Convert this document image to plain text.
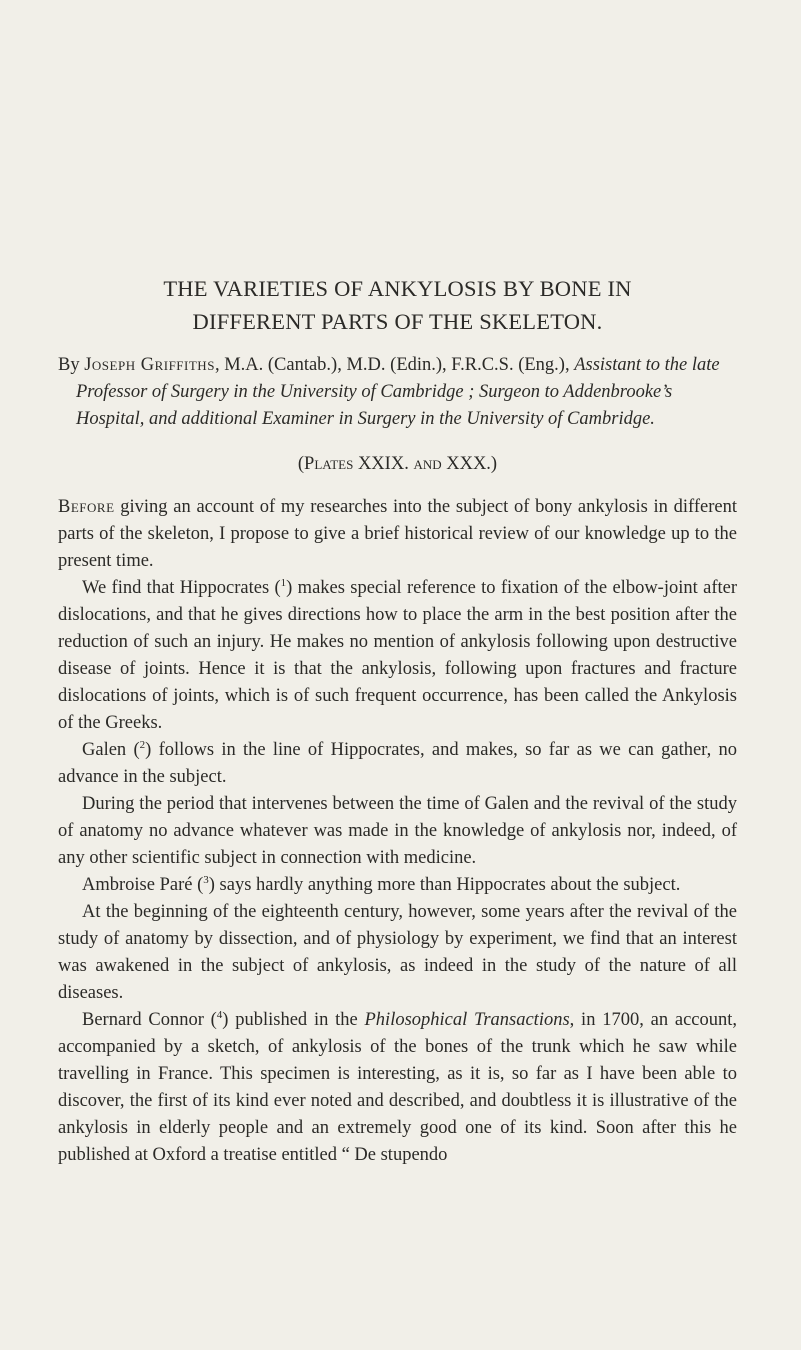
THE VARIETIES OF ANKYLOSIS BY BONE IN
DIFFERENT PARTS OF THE SKELETON.

By Joseph Griffiths, M.A. (Cantab.), M.D. (Edin.), F.R.C.S. (Eng.), Assistant to the late Professor of Surgery in the University of Cambridge ; Surgeon to Addenbrooke’s Hospital, and additional Examiner in Surgery in the University of Cambridge.

(Plates XXIX. and XXX.)

Before giving an account of my researches into the subject of bony ankylosis in different parts of the skeleton, I propose to give a brief historical review of our knowledge up to the present time.

We find that Hippocrates ($^1$) makes special reference to fixation of the elbow-joint after dislocations, and that he gives directions how to place the arm in the best position after the reduction of such an injury. He makes no mention of ankylosis following upon destructive disease of joints. Hence it is that the ankylosis, following upon fractures and fracture dislocations of joints, which is of such frequent occurrence, has been called the Ankylosis of the Greeks.

Galen ($^2$) follows in the line of Hippocrates, and makes, so far as we can gather, no advance in the subject.

During the period that intervenes between the time of Galen and the revival of the study of anatomy no advance whatever was made in the knowledge of ankylosis nor, indeed, of any other scientific subject in connection with medicine.

Ambroise Paré ($^3$) says hardly anything more than Hippocrates about the subject.

At the beginning of the eighteenth century, however, some years after the revival of the study of anatomy by dissection, and of physiology by experiment, we find that an interest was awakened in the subject of ankylosis, as indeed in the study of the nature of all diseases.

Bernard Connor ($^4$) published in the Philosophical Transactions, in 1700, an account, accompanied by a sketch, of ankylosis of the bones of the trunk which he saw while travelling in France. This specimen is interesting, as it is, so far as I have been able to discover, the first of its kind ever noted and described, and doubtless it is illustrative of the ankylosis in elderly people and an extremely good one of its kind. Soon after this he published at Oxford a treatise entitled “ De stupendo
